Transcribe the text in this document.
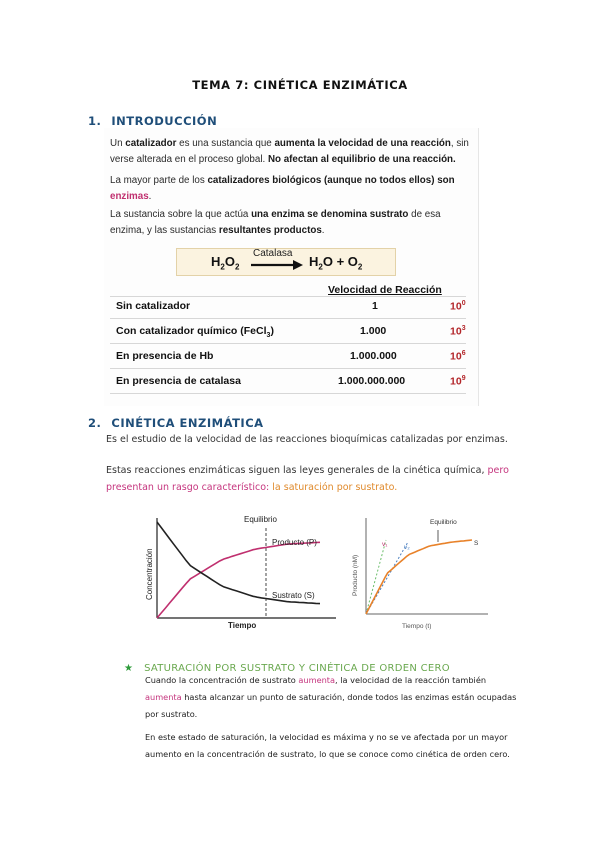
TEMA 7: CINÉTICA ENZIMÁTICA
1. INTRODUCCIÓN
Un catalizador es una sustancia que aumenta la velocidad de una reacción, sin
verse alterada en el proceso global. No afectan al equilibrio de una reacción.
La mayor parte de los catalizadores biológicos (aunque no todos ellos) son
enzimas.
La sustancia sobre la que actúa una enzima se denomina sustrato de esa
enzima, y las sustancias resultantes productos.
$H_2O_2$
Catalasa
→ $H_2O + O_2$
Velocidad de Reacción
Sin catalizador	1	$10^0$
Con catalizador químico (FeCl$_3$)	1.000	$10^3$
En presencia de Hb	1.000.000	$10^6$
En presencia de catalasa	1.000.000.000	$10^9$
2. CINÉTICA ENZIMÁTICA
Es el estudio de la velocidad de las reacciones bioquímicas catalizadas por enzimas.
Estas reacciones enzimáticas siguen las leyes generales de la cinética química, pero
presentan un rasgo característico: la saturación por sustrato.
Equilibrio
Producto (P)
Sustrato (S)
Tiempo
Concentración
Equilibrio
v₁	v₂
S
Tiempo (t)
Producto (nM)
★ SATURACIÓN POR SUSTRATO Y CINÉTICA DE ORDEN CERO
Cuando la concentración de sustrato aumenta, la velocidad de la reacción también
aumenta hasta alcanzar un punto de saturación, donde todos las enzimas están ocupadas
por sustrato.
En este estado de saturación, la velocidad es máxima y no se ve afectada por un mayor
aumento en la concentración de sustrato, lo que se conoce como cinética de orden cero.
